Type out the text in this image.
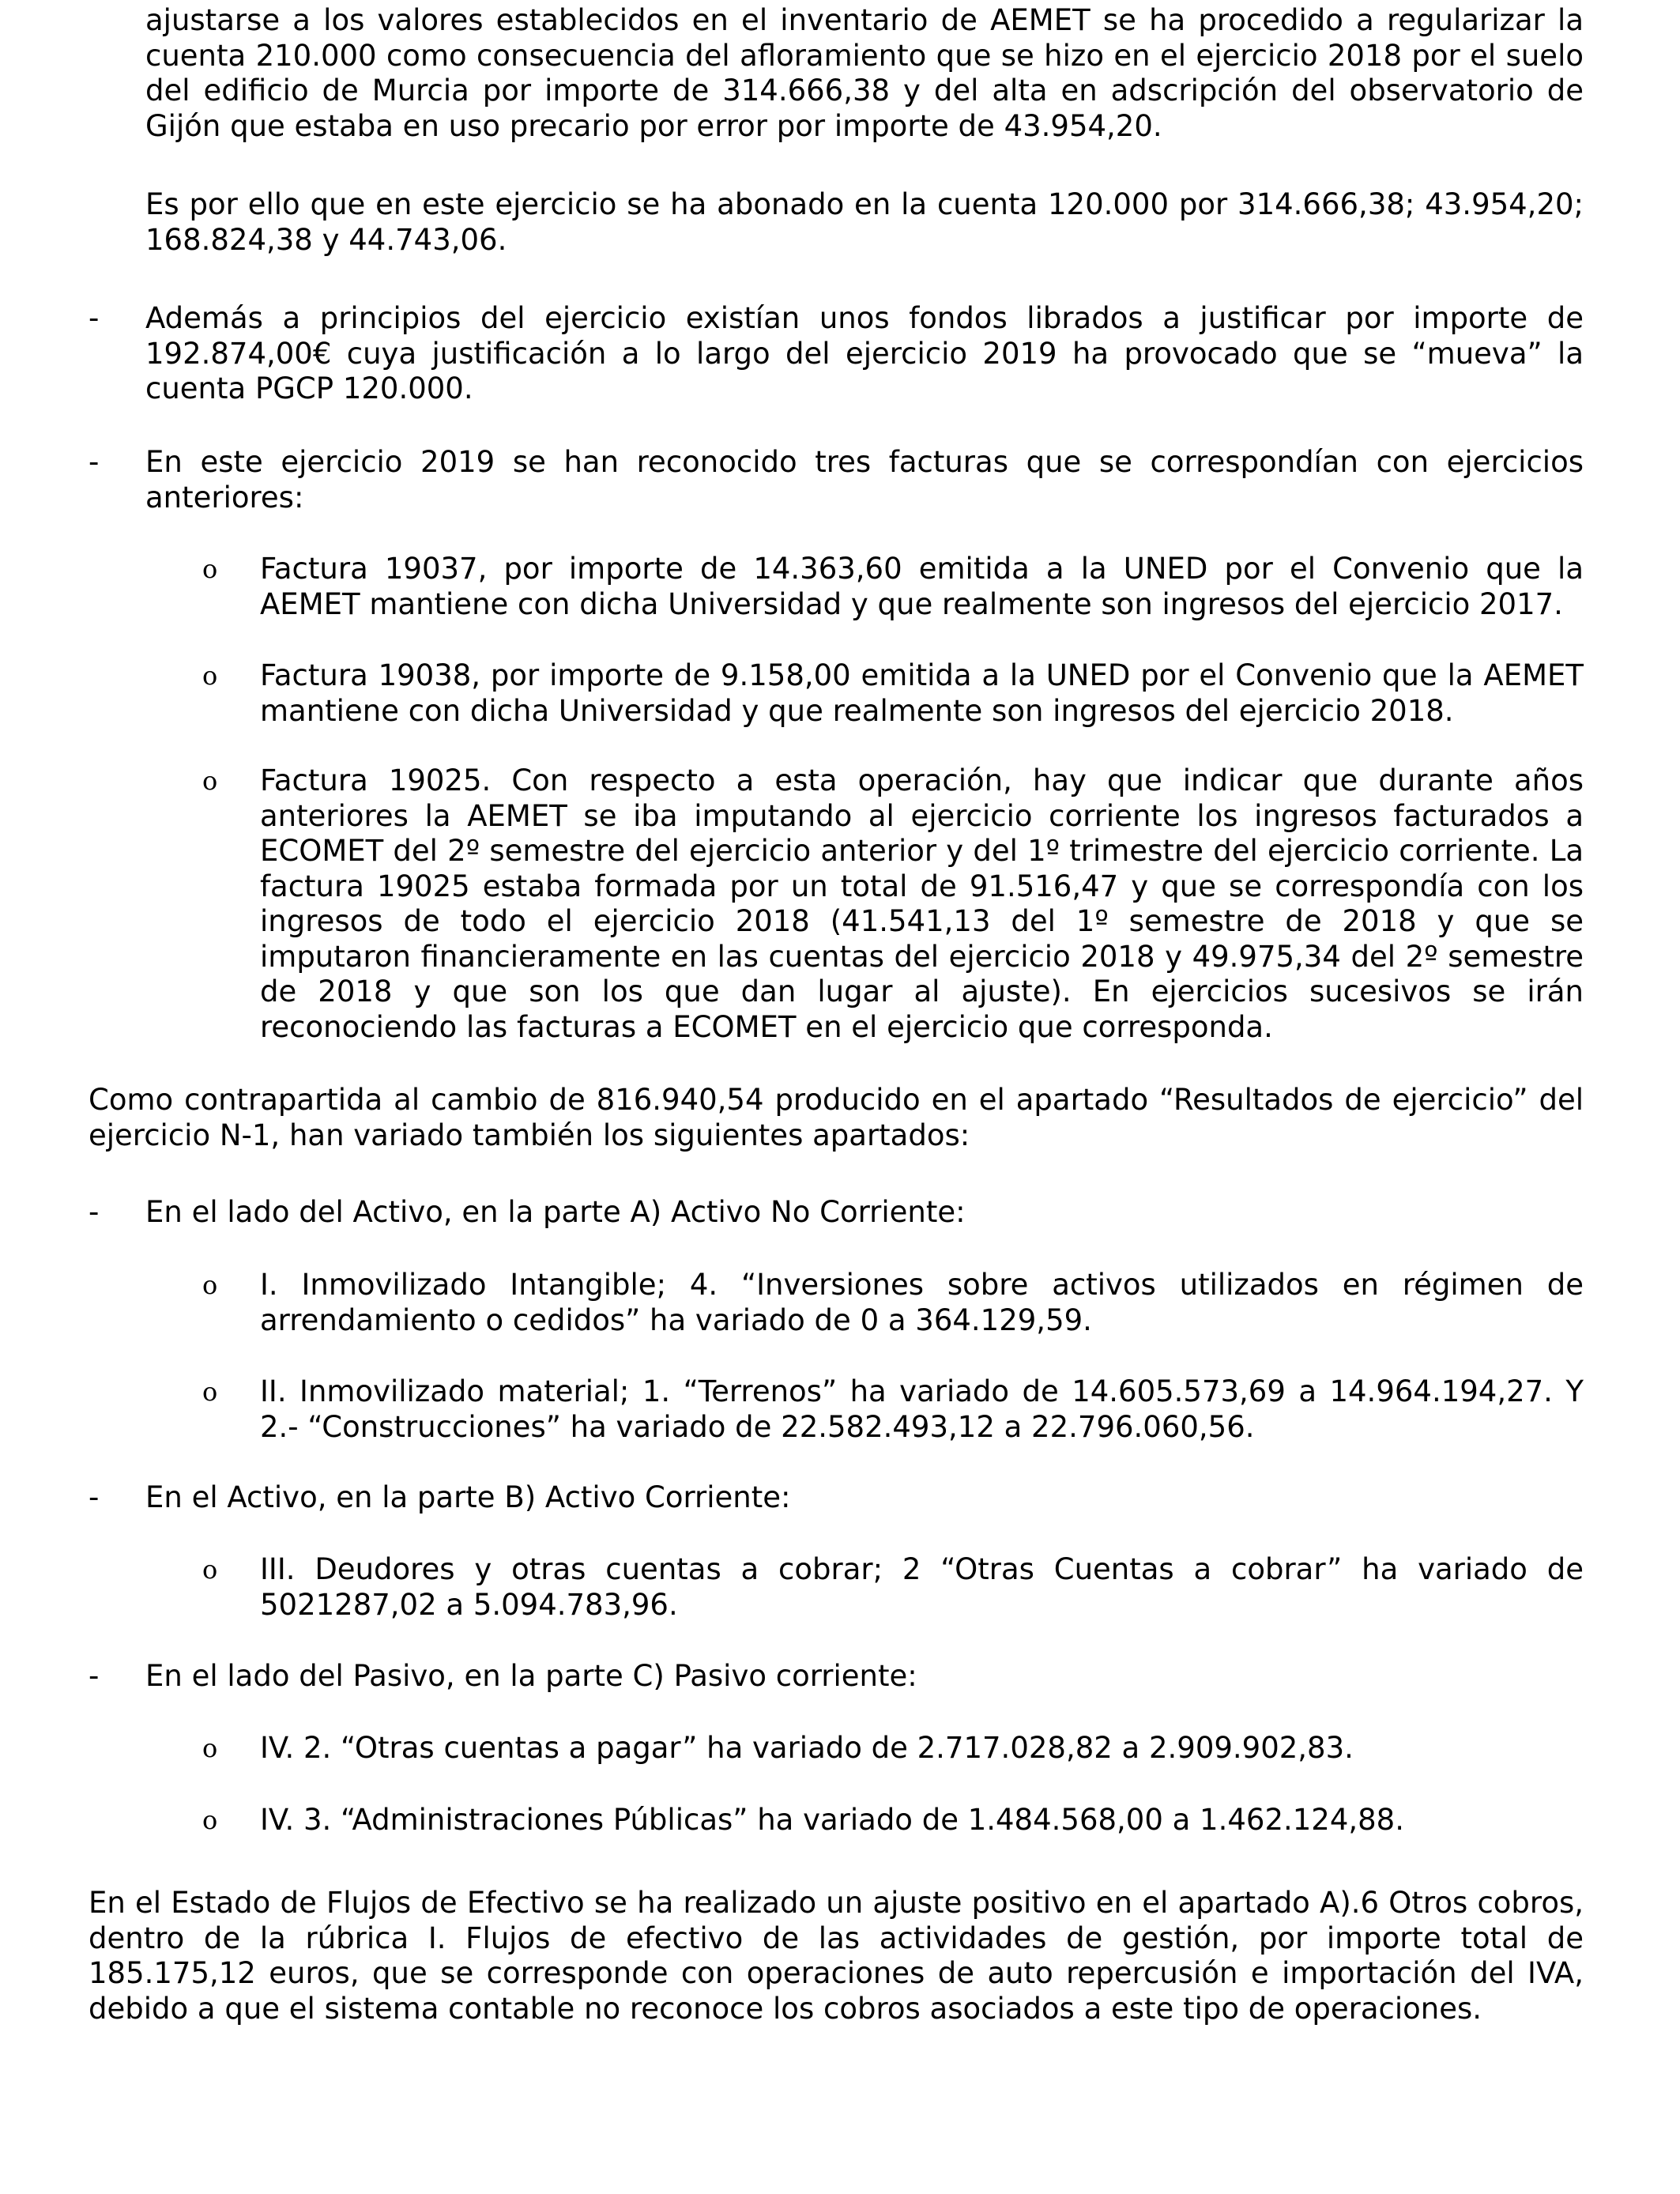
ajustarse a los valores establecidos en el inventario de AEMET se ha procedido a regularizar la cuenta 210.000 como consecuencia del afloramiento que se hizo en el ejercicio 2018 por el suelo del edificio de Murcia por importe de 314.666,38 y del alta en adscripción del observatorio de Gijón que estaba en uso precario por error por importe de 43.954,20.

Es por ello que en este ejercicio se ha abonado en la cuenta 120.000 por 314.666,38; 43.954,20; 168.824,38 y 44.743,06.

- Además a principios del ejercicio existían unos fondos librados a justificar por importe de 192.874,00€ cuya justificación a lo largo del ejercicio 2019 ha provocado que se “mueva” la cuenta PGCP 120.000.

- En este ejercicio 2019 se han reconocido tres facturas que se correspondían con ejercicios anteriores:

o Factura 19037, por importe de 14.363,60 emitida a la UNED por el Convenio que la AEMET mantiene con dicha Universidad y que realmente son ingresos del ejercicio 2017.

o Factura 19038, por importe de 9.158,00 emitida a la UNED por el Convenio que la AEMET mantiene con dicha Universidad y que realmente son ingresos del ejercicio 2018.

o Factura 19025. Con respecto a esta operación, hay que indicar que durante años anteriores la AEMET se iba imputando al ejercicio corriente los ingresos facturados a ECOMET del 2º semestre del ejercicio anterior y del 1º trimestre del ejercicio corriente. La factura 19025 estaba formada por un total de 91.516,47 y que se correspondía con los ingresos de todo el ejercicio 2018 (41.541,13 del 1º semestre de 2018 y que se imputaron financieramente en las cuentas del ejercicio 2018 y 49.975,34 del 2º semestre de 2018 y que son los que dan lugar al ajuste). En ejercicios sucesivos se irán reconociendo las facturas a ECOMET en el ejercicio que corresponda.

Como contrapartida al cambio de 816.940,54 producido en el apartado “Resultados de ejercicio” del ejercicio N-1, han variado también los siguientes apartados:

- En el lado del Activo, en la parte A) Activo No Corriente:

o I. Inmovilizado Intangible; 4. “Inversiones sobre activos utilizados en régimen de arrendamiento o cedidos” ha variado de 0 a 364.129,59.

o II. Inmovilizado material; 1. “Terrenos” ha variado de 14.605.573,69 a 14.964.194,27. Y 2.- “Construcciones” ha variado de 22.582.493,12 a 22.796.060,56.

- En el Activo, en la parte B) Activo Corriente:

o III. Deudores y otras cuentas a cobrar; 2 “Otras Cuentas a cobrar” ha variado de 5021287,02 a 5.094.783,96.

- En el lado del Pasivo, en la parte C) Pasivo corriente:

o IV. 2. “Otras cuentas a pagar” ha variado de 2.717.028,82 a 2.909.902,83.

o IV. 3. “Administraciones Públicas” ha variado de 1.484.568,00 a 1.462.124,88.

En el Estado de Flujos de Efectivo se ha realizado un ajuste positivo en el apartado A).6 Otros cobros, dentro de la rúbrica I. Flujos de efectivo de las actividades de gestión, por importe total de 185.175,12 euros, que se corresponde con operaciones de auto repercusión e importación del IVA, debido a que el sistema contable no reconoce los cobros asociados a este tipo de operaciones.
